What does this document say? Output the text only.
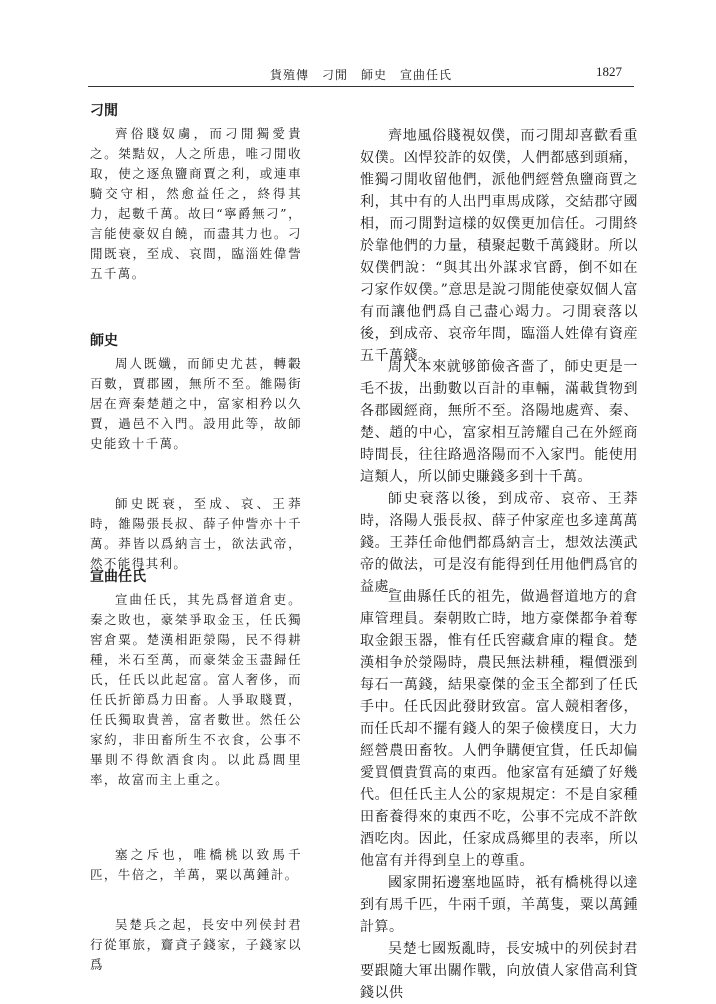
貨殖傳　刁閒　師史　宣曲任氏	1827
刁閒

齊俗賤奴虜，而刁閒獨愛貴之。桀黠奴，人之所患，唯刁閒收取，使之逐魚鹽商賈之利，或連車騎交守相，然愈益任之，終得其力，起數千萬。故曰“寧爵無刁”，言能使豪奴自饒，而盡其力也。刁閒既衰，至成、哀間，臨淄姓偉訾五千萬。

師史

周人既孅，而師史尤甚，轉轂百數，賈郡國，無所不至。雒陽街居在齊秦楚趙之中，富家相矜以久賈，過邑不入門。設用此等，故師史能致十千萬。

師史既衰，至成、哀、王莽時，雒陽張長叔、薛子仲訾亦十千萬。莽皆以爲納言士，欲法武帝，然不能得其利。

宣曲任氏

宣曲任氏，其先爲督道倉吏。秦之敗也，豪桀爭取金玉，任氏獨窖倉粟。楚漢相距滎陽，民不得耕種，米石至萬，而豪桀金玉盡歸任氏，任氏以此起富。富人奢侈，而任氏折節爲力田畜。人爭取賤賈，任氏獨取貴善，富者數世。然任公家約，非田畜所生不衣食，公事不畢則不得飲酒食肉。以此爲閭里率，故富而主上重之。

塞之斥也，唯橋桃以致馬千匹，牛倍之，羊萬，粟以萬鍾計。

吴楚兵之起，長安中列侯封君行從軍旅，齎貣子錢家，子錢家以爲

齊地風俗賤視奴僕，而刁閒却喜歡看重奴僕。凶悍狡詐的奴僕，人們都感到頭痛，惟獨刁閒收留他們，派他們經營魚鹽商賈之利，其中有的人出門車馬成隊，交結郡守國相，而刁閒對這樣的奴僕更加信任。刁閒終於靠他們的力量，積聚起數千萬錢財。所以奴僕們說：“與其出外謀求官爵，倒不如在刁家作奴僕。”意思是說刁閒能使豪奴個人富有而讓他們爲自己盡心竭力。刁閒衰落以後，到成帝、哀帝年間，臨淄人姓偉有資産五千萬錢。

周人本來就够節儉吝嗇了，師史更是一毛不拔，出動數以百計的車輛，滿載貨物到各郡國經商，無所不至。洛陽地處齊、秦、楚、趙的中心，富家相互誇耀自己在外經商時間長，往往路過洛陽而不入家門。能使用這類人，所以師史賺錢多到十千萬。

師史衰落以後，到成帝、哀帝、王莽時，洛陽人張長叔、薛子仲家産也多達萬萬錢。王莽任命他們都爲納言士，想效法漢武帝的做法，可是沒有能得到任用他們爲官的益處。

宣曲縣任氏的祖先，做過督道地方的倉庫管理員。秦朝敗亡時，地方豪傑都争着奪取金銀玉器，惟有任氏窖藏倉庫的糧食。楚漢相争於滎陽時，農民無法耕種，糧價漲到每石一萬錢，結果豪傑的金玉全都到了任氏手中。任氏因此發財致富。富人競相奢侈，而任氏却不擺有錢人的架子儉樸度日，大力經營農田畜牧。人們争購便宜貨，任氏却偏愛買價貴質高的東西。他家富有延續了好幾代。但任氏主人公的家規規定：不是自家種田畜養得來的東西不吃，公事不完成不許飲酒吃肉。因此，任家成爲鄉里的表率，所以他富有并得到皇上的尊重。

國家開拓邊塞地區時，祇有橋桃得以達到有馬千匹，牛兩千頭，羊萬隻，粟以萬鍾計算。

吴楚七國叛亂時，長安城中的列侯封君要跟隨大軍出關作戰，向放債人家借高利貸錢以供
